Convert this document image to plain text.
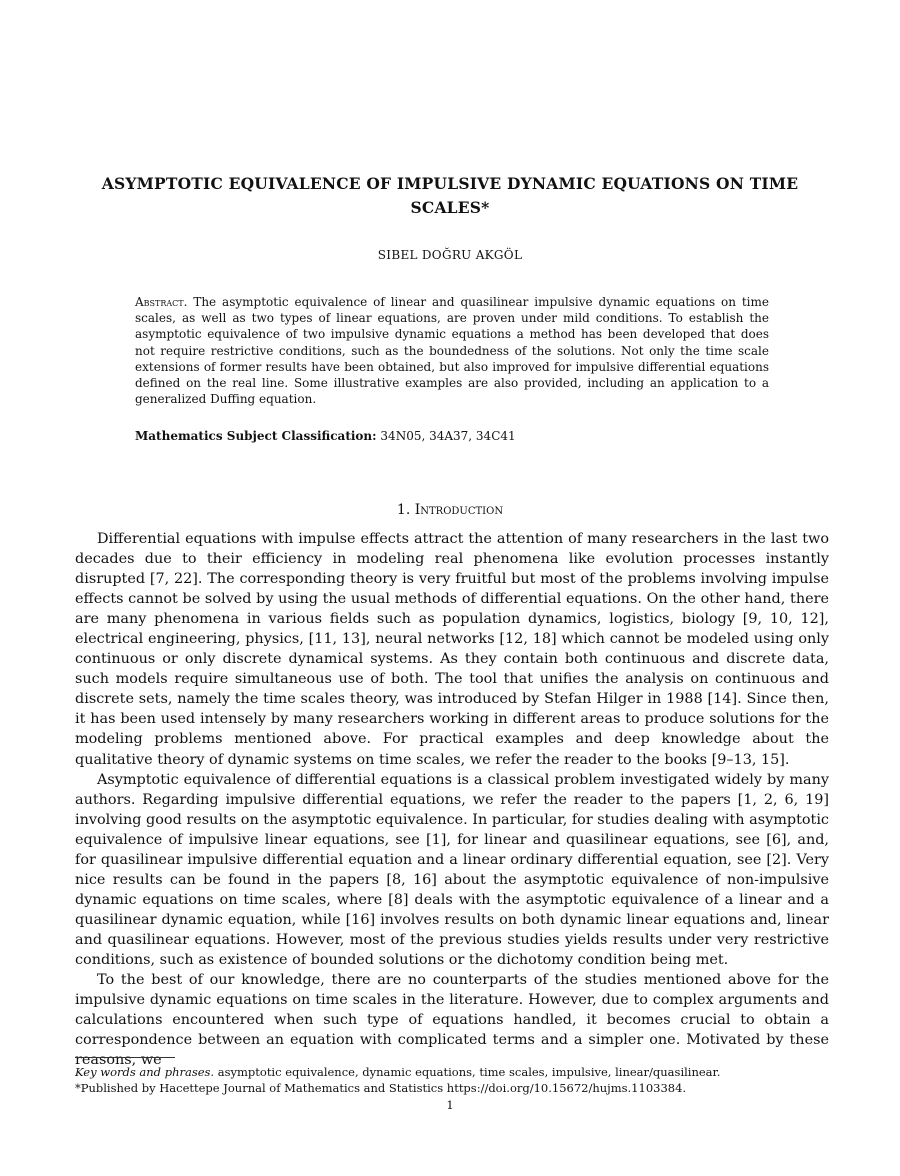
ASYMPTOTIC EQUIVALENCE OF IMPULSIVE DYNAMIC EQUATIONS ON TIME SCALES*
SIBEL DOĞRU AKGÖL

Abstract. The asymptotic equivalence of linear and quasilinear impulsive dynamic equations on time scales, as well as two types of linear equations, are proven under mild conditions. To establish the asymptotic equivalence of two impulsive dynamic equations a method has been developed that does not require restrictive conditions, such as the boundedness of the solutions. Not only the time scale extensions of former results have been obtained, but also improved for impulsive differential equations defined on the real line. Some illustrative examples are also provided, including an application to a generalized Duffing equation.

Mathematics Subject Classification: 34N05, 34A37, 34C41

1. Introduction

Differential equations with impulse effects attract the attention of many researchers in the last two decades due to their efficiency in modeling real phenomena like evolution processes instantly disrupted [7, 22]. The corresponding theory is very fruitful but most of the problems involving impulse effects cannot be solved by using the usual methods of differential equations. On the other hand, there are many phenomena in various fields such as population dynamics, logistics, biology [9, 10, 12], electrical engineering, physics, [11, 13], neural networks [12, 18] which cannot be modeled using only continuous or only discrete dynamical systems. As they contain both continuous and discrete data, such models require simultaneous use of both. The tool that unifies the analysis on continuous and discrete sets, namely the time scales theory, was introduced by Stefan Hilger in 1988 [14]. Since then, it has been used intensely by many researchers working in different areas to produce solutions for the modeling problems mentioned above. For practical examples and deep knowledge about the qualitative theory of dynamic systems on time scales, we refer the reader to the books [9–13, 15].

Asymptotic equivalence of differential equations is a classical problem investigated widely by many authors. Regarding impulsive differential equations, we refer the reader to the papers [1, 2, 6, 19] involving good results on the asymptotic equivalence. In particular, for studies dealing with asymptotic equivalence of impulsive linear equations, see [1], for linear and quasilinear equations, see [6], and, for quasilinear impulsive differential equation and a linear ordinary differential equation, see [2]. Very nice results can be found in the papers [8, 16] about the asymptotic equivalence of non-impulsive dynamic equations on time scales, where [8] deals with the asymptotic equivalence of a linear and a quasilinear dynamic equation, while [16] involves results on both dynamic linear equations and, linear and quasilinear equations. However, most of the previous studies yields results under very restrictive conditions, such as existence of bounded solutions or the dichotomy condition being met.

To the best of our knowledge, there are no counterparts of the studies mentioned above for the impulsive dynamic equations on time scales in the literature. However, due to complex arguments and calculations encountered when such type of equations handled, it becomes crucial to obtain a correspondence between an equation with complicated terms and a simpler one. Motivated by these reasons, we

Key words and phrases. asymptotic equivalence, dynamic equations, time scales, impulsive, linear/quasilinear.

*Published by Hacettepe Journal of Mathematics and Statistics https://doi.org/10.15672/hujms.1103384.

1
